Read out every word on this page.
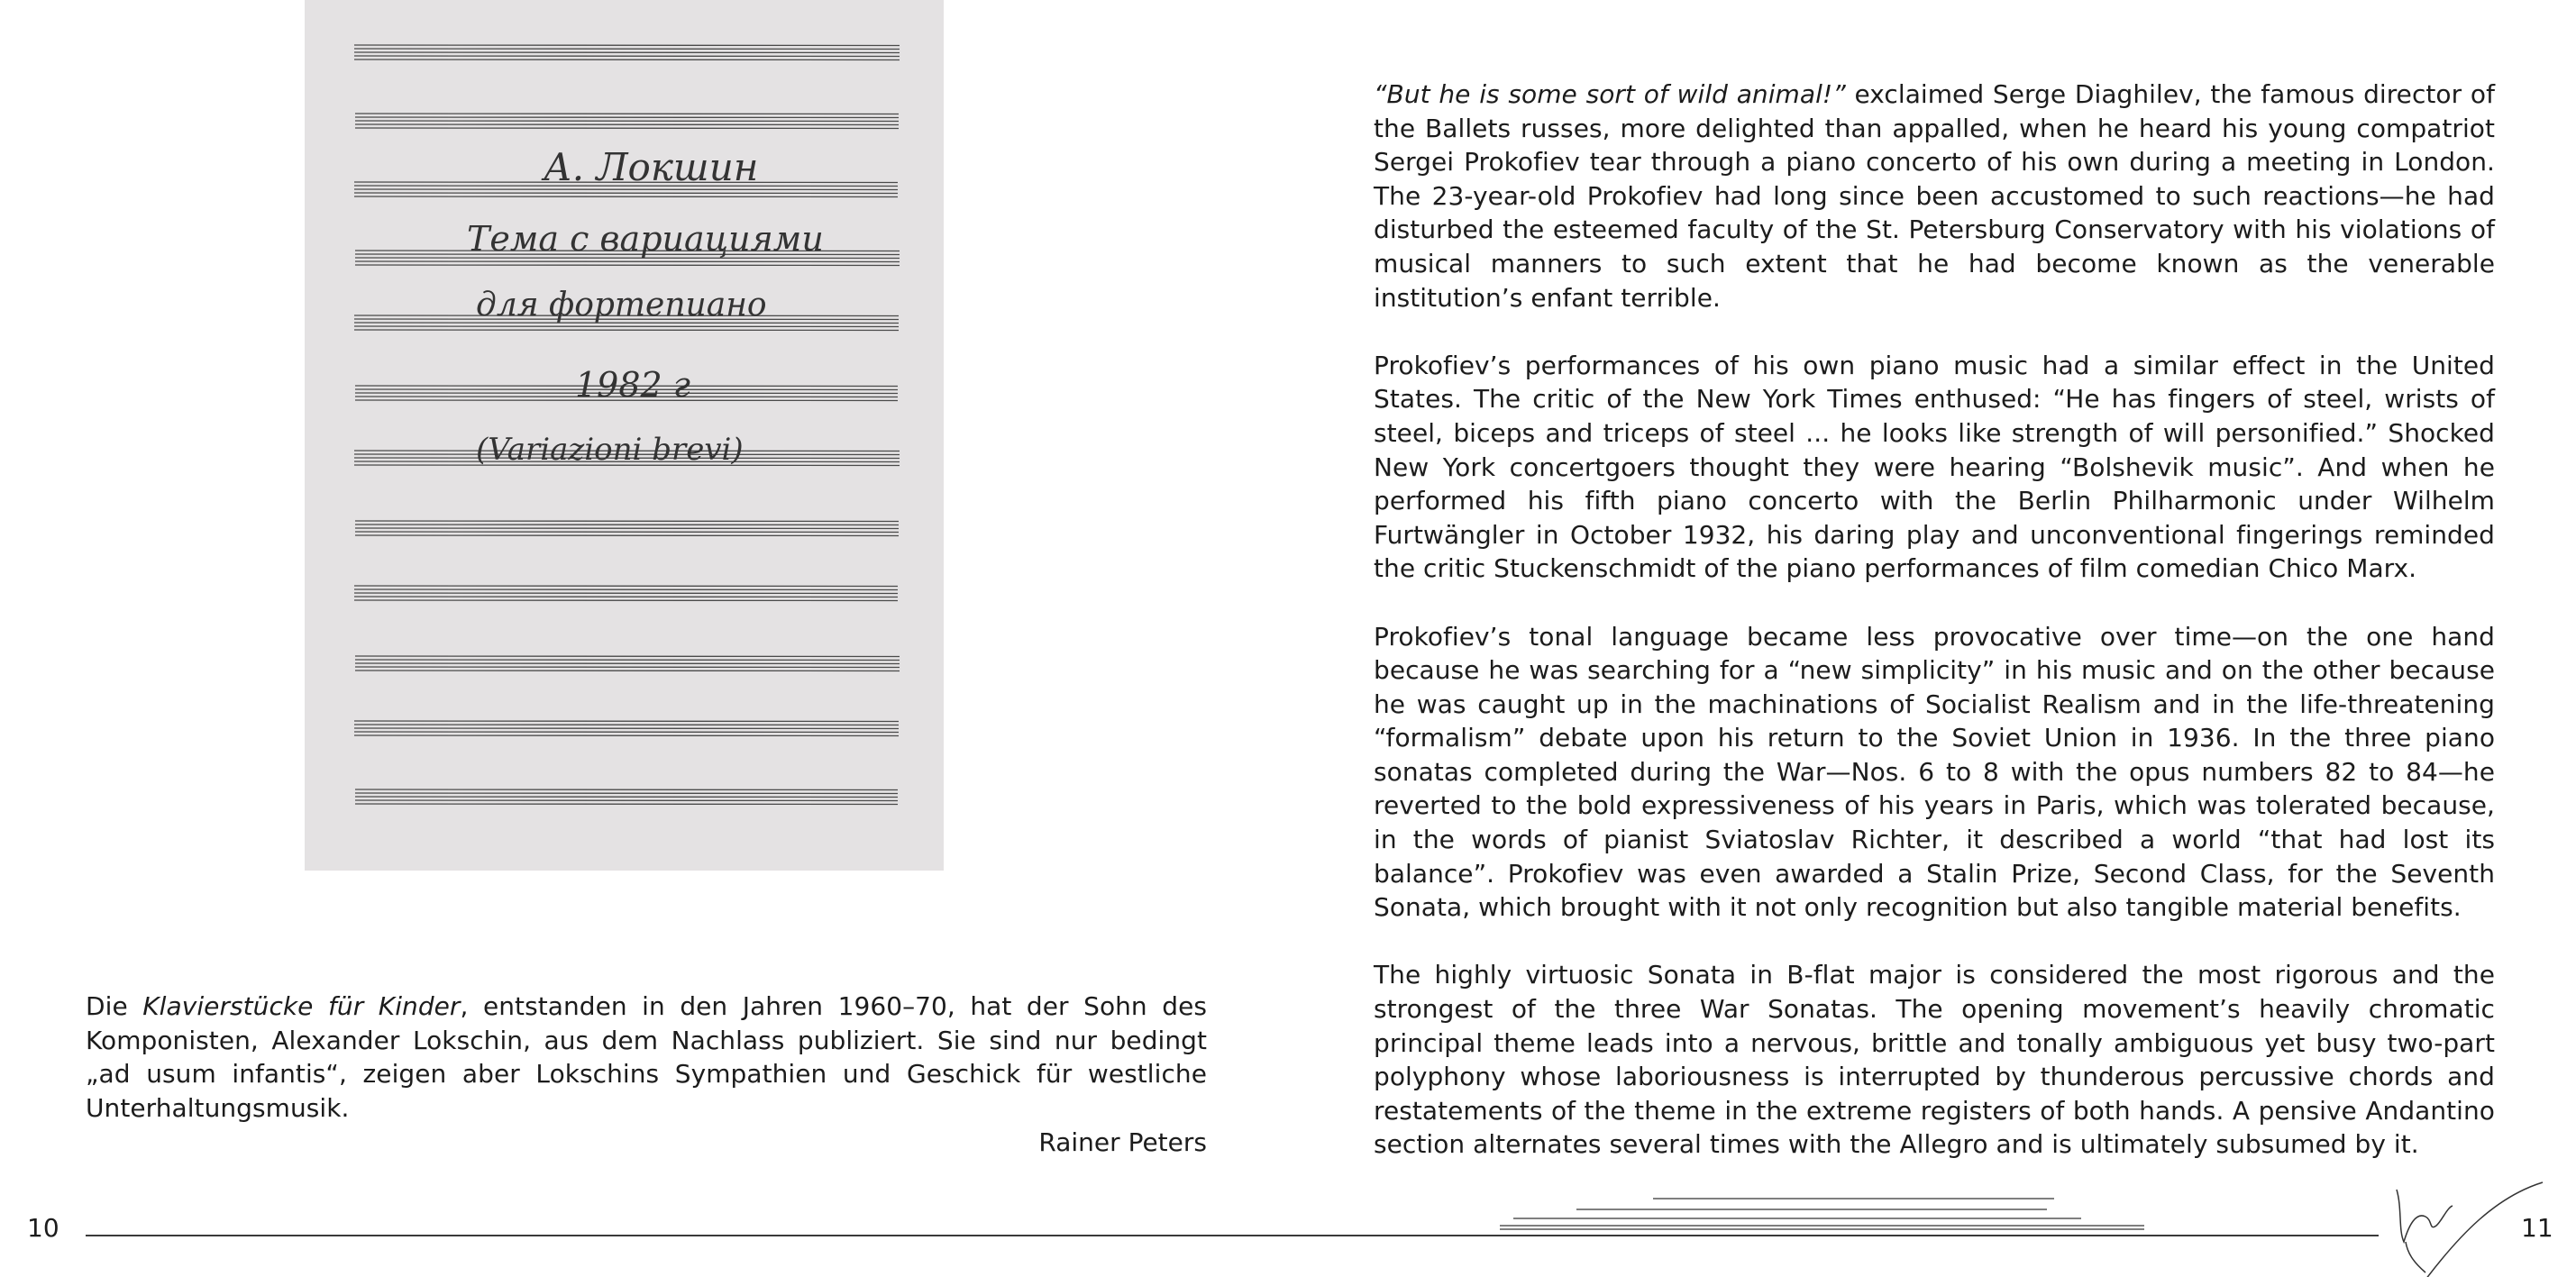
А. Локшин
Тема с вариациями
для фортепиано
1982 г
(Variazioni brevi)

Die Klavierstücke für Kinder, entstanden in den Jahren 1960–70, hat der Sohn des Komponisten, Alexander Lokschin, aus dem Nachlass publiziert. Sie sind nur bedingt „ad usum infantis“, zeigen aber Lokschins Sympathien und Geschick für westliche Unterhaltungsmusik.

Rainer Peters
10

“But he is some sort of wild animal!” exclaimed Serge Diaghilev, the famous director of the Ballets russes, more delighted than appalled, when he heard his young compatriot Sergei Prokofiev tear through a piano concerto of his own during a meeting in London. The 23-year-old Prokofiev had long since been accustomed to such reactions—he had disturbed the esteemed faculty of the St. Petersburg Conservatory with his violations of musical manners to such extent that he had become known as the venerable institution’s enfant terrible.

Prokofiev’s performances of his own piano music had a similar effect in the United States. The critic of the New York Times enthused: “He has fingers of steel, wrists of steel, biceps and triceps of steel ... he looks like strength of will personified.” Shocked New York concertgoers thought they were hearing “Bolshevik music”. And when he performed his fifth piano concerto with the Berlin Philharmonic under Wilhelm Furtwängler in October 1932, his daring play and unconventional fingerings reminded the critic Stuckenschmidt of the piano performances of film comedian Chico Marx.

Prokofiev’s tonal language became less provocative over time—on the one hand because he was searching for a “new simplicity” in his music and on the other because he was caught up in the machinations of Socialist Realism and in the life-threatening “formalism” debate upon his return to the Soviet Union in 1936. In the three piano sonatas completed during the War—Nos. 6 to 8 with the opus numbers 82 to 84—he reverted to the bold expressiveness of his years in Paris, which was tolerated because, in the words of pianist Sviatoslav Richter, it described a world “that had lost its balance”. Prokofiev was even awarded a Stalin Prize, Second Class, for the Seventh Sonata, which brought with it not only recognition but also tangible material benefits.

The highly virtuosic Sonata in B-flat major is considered the most rigorous and the strongest of the three War Sonatas. The opening movement’s heavily chromatic principal theme leads into a nervous, brittle and tonally ambiguous yet busy two-part polyphony whose laboriousness is interrupted by thunderous percussive chords and restatements of the theme in the extreme registers of both hands. A pensive Andantino section alternates several times with the Allegro and is ultimately subsumed by it.

11
